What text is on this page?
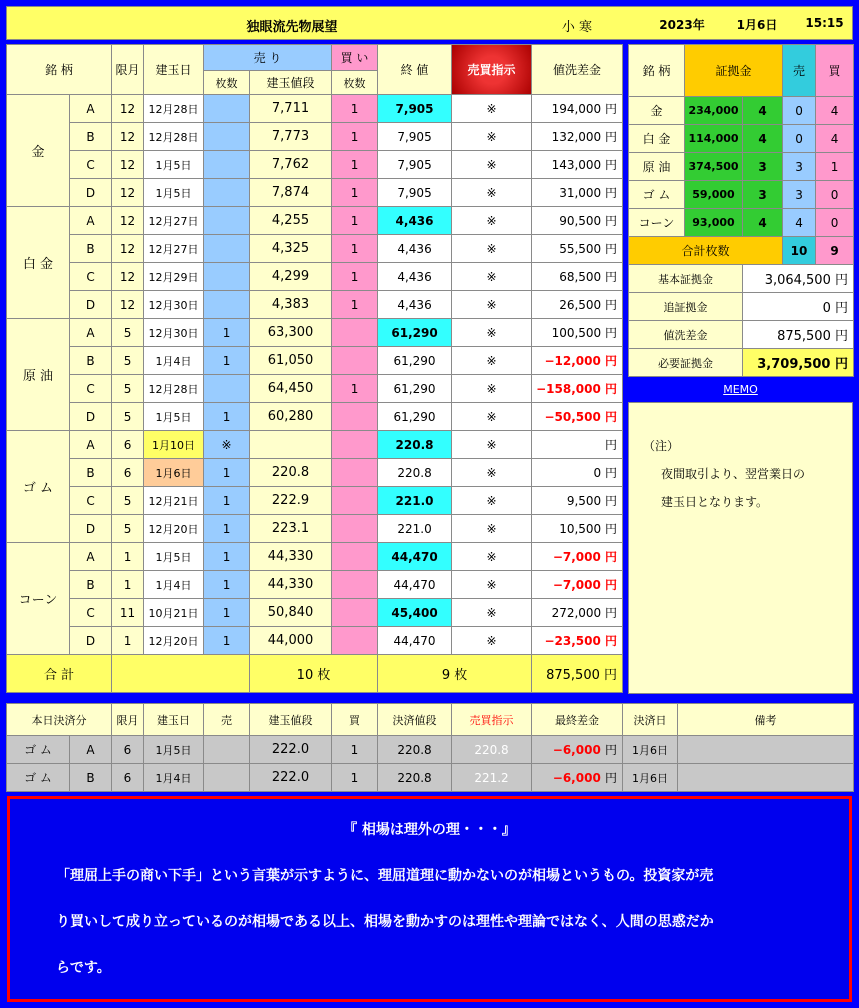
独眼流先物展望	小 寒	2023年	1月6日	15:15
銘 柄		限月	建玉日	売 り		買 い	終 値	売買指示	値洗差金
				枚数	建玉値段	枚数			
金	A	12	12月28日		7,711	1	7,905	※	194,000 円
	B	12	12月28日		7,773	1	7,905	※	132,000 円
	C	12	1月5日		7,762	1	7,905	※	143,000 円
	D	12	1月5日		7,874	1	7,905	※	31,000 円
白 金	A	12	12月27日		4,255	1	4,436	※	90,500 円
	B	12	12月27日		4,325	1	4,436	※	55,500 円
	C	12	12月29日		4,299	1	4,436	※	68,500 円
	D	12	12月30日		4,383	1	4,436	※	26,500 円
原 油	A	5	12月30日	1	63,300		61,290	※	100,500 円
	B	5	1月4日	1	61,050		61,290	※	−12,000 円
	C	5	12月28日		64,450	1	61,290	※	−158,000 円
	D	5	1月5日	1	60,280		61,290	※	−50,500 円
ゴ ム	A	6	1月10日	※			220.8	※	円
	B	6	1月6日	1	220.8		220.8	※	0 円
	C	5	12月21日	1	222.9		221.0	※	9,500 円
	D	5	12月20日	1	223.1		221.0	※	10,500 円
コーン	A	1	1月5日	1	44,330		44,470	※	−7,000 円
	B	1	1月4日	1	44,330		44,470	※	−7,000 円
	C	11	10月21日	1	50,840		45,400	※	272,000 円
	D	1	12月20日	1	44,000		44,470	※	−23,500 円
合 計					10 枚		9 枚		875,500 円
銘 柄	証拠金		売	買
金	234,000	4	0	4
白 金	114,000	4	0	4
原 油	374,500	3	3	1
ゴ ム	59,000	3	3	0
コーン	93,000	4	4	0
合計枚数			10	9
基本証拠金		3,064,500 円		
追証拠金		0 円		
値洗差金		875,500 円		
必要証拠金		3,709,500 円		
MEMO
（注）
夜間取引より、翌営業日の
建玉日となります。
本日決済分		限月	建玉日	売	建玉値段	買	決済値段	売買指示	最終差金	決済日	備考
ゴ ム	A	6	1月5日		222.0	1	220.8	220.8	−6,000 円	1月6日	
ゴ ム	B	6	1月4日		222.0	1	220.8	221.2	−6,000 円	1月6日	
『 相場は理外の理・・・』
「理屈上手の商い下手」という言葉が示すように、理屈道理に動かないのが相場というもの。投資家が売
り買いして成り立っているのが相場である以上、相場を動かすのは理性や理論ではなく、人間の思惑だか
らです。
